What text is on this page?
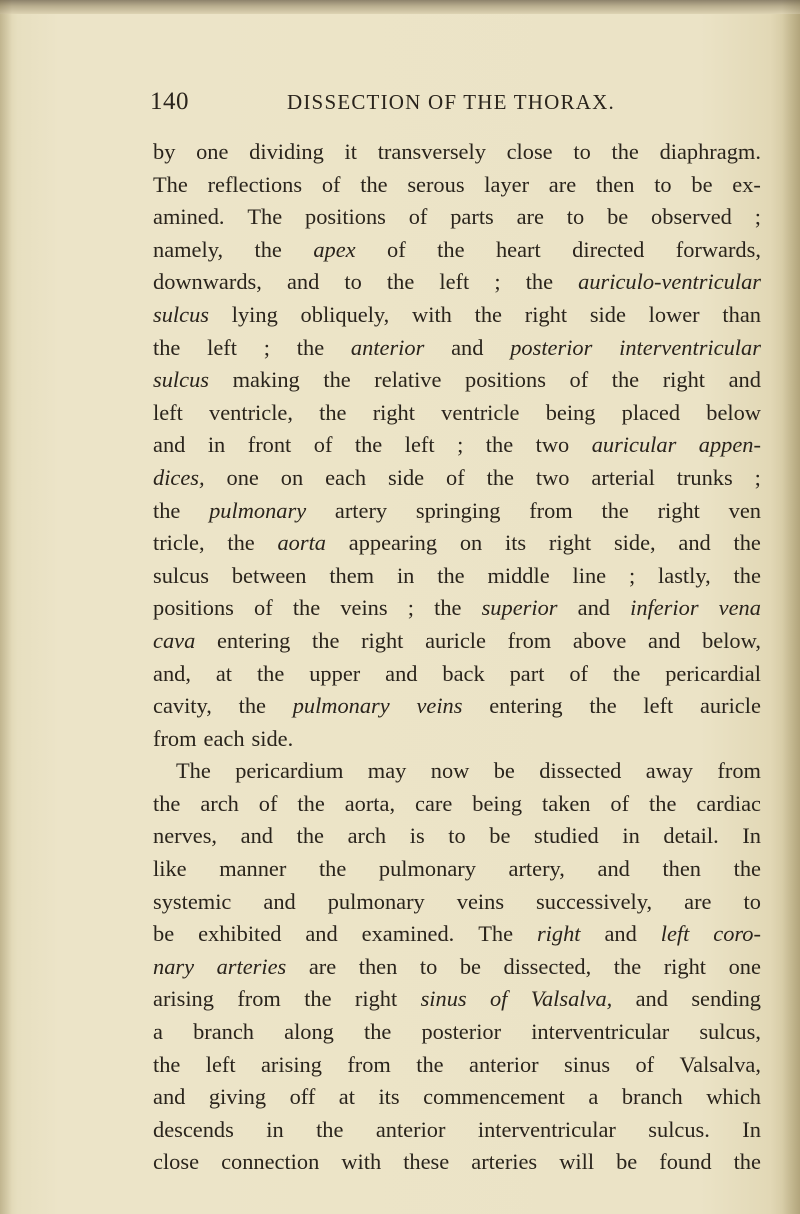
140	DISSECTION OF THE THORAX.
by one dividing it transversely close to the diaphragm.
The reflections of the serous layer are then to be ex-
amined. The positions of parts are to be observed ;
namely, the apex of the heart directed forwards,
downwards, and to the left ; the auriculo-ventricular
sulcus lying obliquely, with the right side lower than
the left ; the anterior and posterior interventricular
sulcus making the relative positions of the right and
left ventricle, the right ventricle being placed below
and in front of the left ; the two auricular appen-
dices, one on each side of the two arterial trunks ;
the pulmonary artery springing from the right ven
tricle, the aorta appearing on its right side, and the
sulcus between them in the middle line ; lastly, the
positions of the veins ; the superior and inferior vena
cava entering the right auricle from above and below,
and, at the upper and back part of the pericardial
cavity, the pulmonary veins entering the left auricle
from each side.
The pericardium may now be dissected away from
the arch of the aorta, care being taken of the cardiac
nerves, and the arch is to be studied in detail. In
like manner the pulmonary artery, and then the
systemic and pulmonary veins successively, are to
be exhibited and examined. The right and left coro-
nary arteries are then to be dissected, the right one
arising from the right sinus of Valsalva, and sending
a branch along the posterior interventricular sulcus,
the left arising from the anterior sinus of Valsalva,
and giving off at its commencement a branch which
descends in the anterior interventricular sulcus. In
close connection with these arteries will be found the
